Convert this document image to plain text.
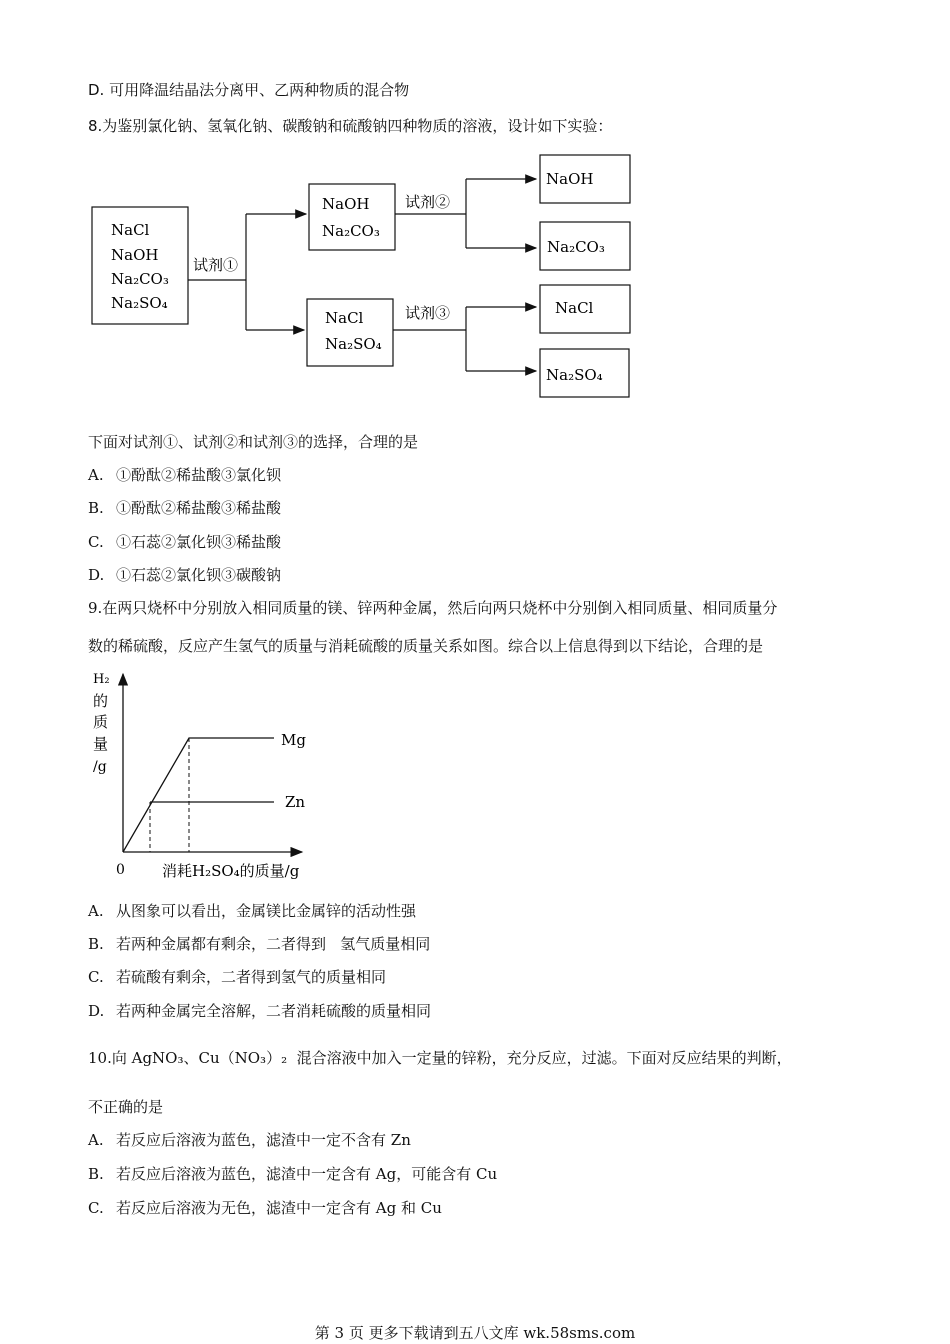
D. 可用降温结晶法分离甲、乙两种物质的混合物
8.为鉴别氯化钠、氢氧化钠、碳酸钠和硫酸钠四种物质的溶液，设计如下实验：
NaCl
NaOH
Na₂CO₃
Na₂SO₄
试剂①
NaOH
Na₂CO₃
NaCl
Na₂SO₄
试剂②
试剂③
NaOH
Na₂CO₃
NaCl
Na₂SO₄
下面对试剂①、试剂②和试剂③的选择，合理的是
A. ①酚酞②稀盐酸③氯化钡
B. ①酚酞②稀盐酸③稀盐酸
C. ①石蕊②氯化钡③稀盐酸
D. ①石蕊②氯化钡③碳酸钠
9.在两只烧杯中分别放入相同质量的镁、锌两种金属，然后向两只烧杯中分别倒入相同质量、相同质量分
数的稀硫酸，反应产生氢气的质量与消耗硫酸的质量关系如图。综合以上信息得到以下结论，合理的是
Mg
Zn
H₂
的
质
量
/g
0 消耗H₂SO₄的质量/g
A. 从图象可以看出，金属镁比金属锌的活动性强
B. 若两种金属都有剩余，二者得到   氢气质量相同
C. 若硫酸有剩余，二者得到氢气的质量相同
D. 若两种金属完全溶解，二者消耗硫酸的质量相同
10.向 AgNO₃、Cu（NO₃）₂  混合溶液中加入一定量的锌粉，充分反应，过滤。下面对反应结果的判断，
不正确的是
A. 若反应后溶液为蓝色，滤渣中一定不含有 Zn
B. 若反应后溶液为蓝色，滤渣中一定含有 Ag，可能含有 Cu
C. 若反应后溶液为无色，滤渣中一定含有 Ag 和 Cu
第 3 页 更多下载请到五八文库 wk.58sms.com
